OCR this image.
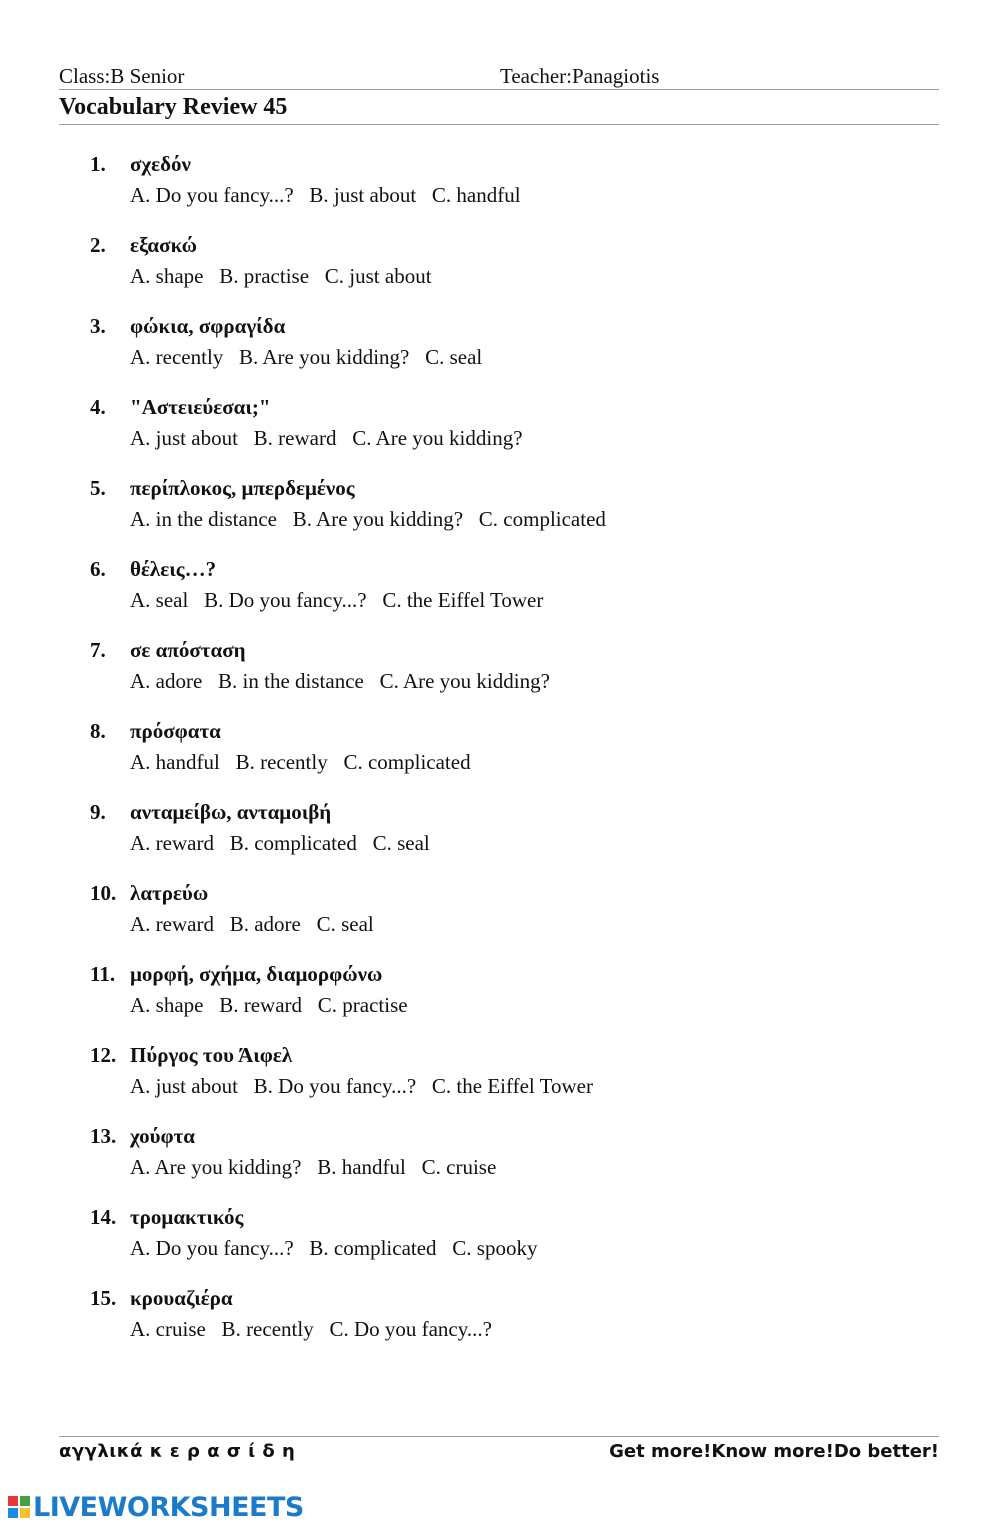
Class:B Senior	Teacher:Panagiotis
Vocabulary Review 45
1. σχεδόν
A. Do you fancy...?   B. just about   C. handful
2. εξασκώ
A. shape   B. practise   C. just about
3. φώκια, σφραγίδα
A. recently   B. Are you kidding?   C. seal
4. "Αστειεύεσαι;"
A. just about   B. reward   C. Are you kidding?
5. περίπλοκος, μπερδεμένος
A. in the distance   B. Are you kidding?   C. complicated
6. θέλεις…?
A. seal   B. Do you fancy...?   C. the Eiffel Tower
7. σε απόσταση
A. adore   B. in the distance   C. Are you kidding?
8. πρόσφατα
A. handful   B. recently   C. complicated
9. ανταμείβω, ανταμοιβή
A. reward   B. complicated   C. seal
10. λατρεύω
A. reward   B. adore   C. seal
11. μορφή, σχήμα, διαμορφώνω
A. shape   B. reward   C. practise
12. Πύργος του Άιφελ
A. just about   B. Do you fancy...?   C. the Eiffel Tower
13. χούφτα
A. Are you kidding?   B. handful   C. cruise
14. τρομακτικός
A. Do you fancy...?   B. complicated   C. spooky
15. κρουαζιέρα
A. cruise   B. recently   C. Do you fancy...?
αγγλικά κ ε ρ α σ ί δ η	Get more!Know more!Do better!
LIVEWORKSHEETS
